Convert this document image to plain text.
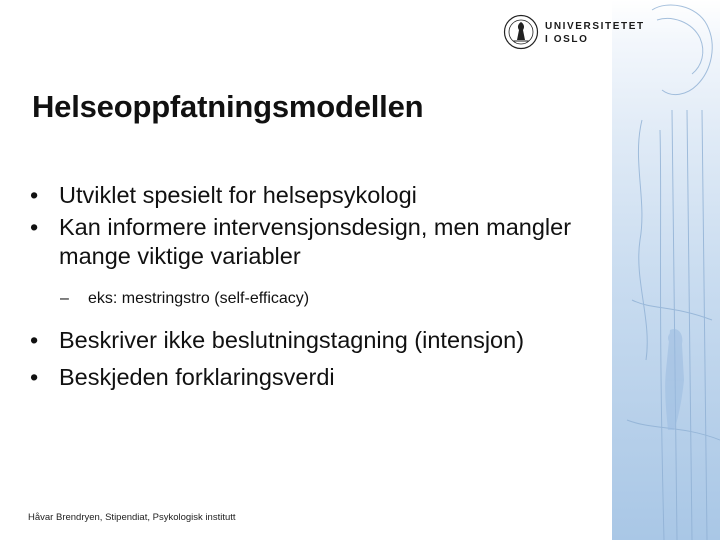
UNIVERSITETET
I OSLO
Helseoppfatningsmodellen
• Utviklet spesielt for helsepsykologi
• Kan informere intervensjonsdesign, men mangler mange viktige variabler
– eks: mestringstro (self-efficacy)
• Beskriver ikke beslutningstagning (intensjon)
• Beskjeden forklaringsverdi
Håvar Brendryen, Stipendiat, Psykologisk institutt
